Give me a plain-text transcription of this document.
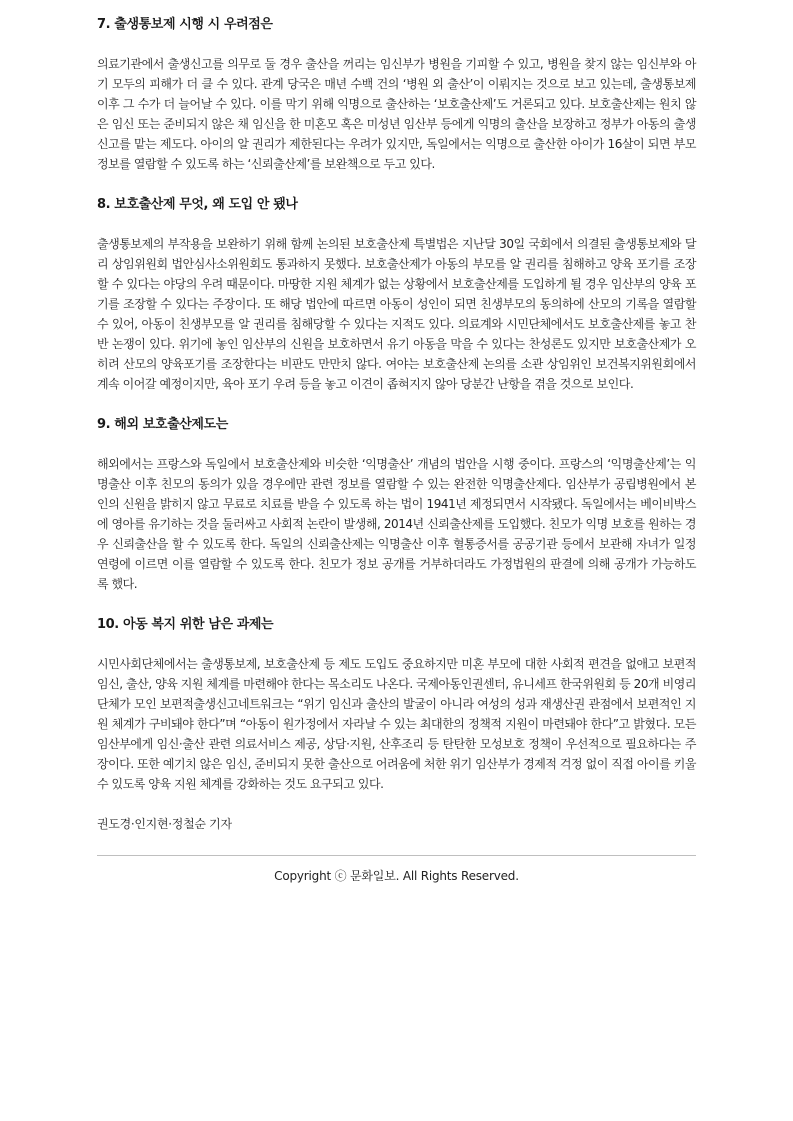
7. 출생통보제 시행 시 우려점은

의료기관에서 출생신고를 의무로 둘 경우 출산을 꺼리는 임신부가 병원을 기피할 수 있고, 병원을 찾지 않는 임신부와 아기 모두의 피해가 더 클 수 있다. 관계 당국은 매년 수백 건의 ‘병원 외 출산’이 이뤄지는 것으로 보고 있는데, 출생통보제 이후 그 수가 더 늘어날 수 있다. 이를 막기 위해 익명으로 출산하는 ‘보호출산제’도 거론되고 있다. 보호출산제는 원치 않은 임신 또는 준비되지 않은 채 임신을 한 미혼모 혹은 미성년 임산부 등에게 익명의 출산을 보장하고 정부가 아동의 출생신고를 맡는 제도다. 아이의 알 권리가 제한된다는 우려가 있지만, 독일에서는 익명으로 출산한 아이가 16살이 되면 부모 정보를 열람할 수 있도록 하는 ‘신뢰출산제’를 보완책으로 두고 있다.

8. 보호출산제 무엇, 왜 도입 안 됐나

출생통보제의 부작용을 보완하기 위해 함께 논의된 보호출산제 특별법은 지난달 30일 국회에서 의결된 출생통보제와 달리 상임위원회 법안심사소위원회도 통과하지 못했다. 보호출산제가 아동의 부모를 알 권리를 침해하고 양육 포기를 조장할 수 있다는 야당의 우려 때문이다. 마땅한 지원 체계가 없는 상황에서 보호출산제를 도입하게 될 경우 임산부의 양육 포기를 조장할 수 있다는 주장이다. 또 해당 법안에 따르면 아동이 성인이 되면 친생부모의 동의하에 산모의 기록을 열람할 수 있어, 아동이 친생부모를 알 권리를 침해당할 수 있다는 지적도 있다. 의료계와 시민단체에서도 보호출산제를 놓고 찬반 논쟁이 있다. 위기에 놓인 임산부의 신원을 보호하면서 유기 아동을 막을 수 있다는 찬성론도 있지만 보호출산제가 오히려 산모의 양육포기를 조장한다는 비판도 만만치 않다. 여야는 보호출산제 논의를 소관 상임위인 보건복지위원회에서 계속 이어갈 예정이지만, 육아 포기 우려 등을 놓고 이견이 좁혀지지 않아 당분간 난항을 겪을 것으로 보인다.

9. 해외 보호출산제도는

해외에서는 프랑스와 독일에서 보호출산제와 비슷한 ‘익명출산’ 개념의 법안을 시행 중이다. 프랑스의 ‘익명출산제’는 익명출산 이후 친모의 동의가 있을 경우에만 관련 정보를 열람할 수 있는 완전한 익명출산제다. 임산부가 공립병원에서 본인의 신원을 밝히지 않고 무료로 치료를 받을 수 있도록 하는 법이 1941년 제정되면서 시작됐다. 독일에서는 베이비박스에 영아를 유기하는 것을 둘러싸고 사회적 논란이 발생해, 2014년 신뢰출산제를 도입했다. 친모가 익명 보호를 원하는 경우 신뢰출산을 할 수 있도록 한다. 독일의 신뢰출산제는 익명출산 이후 혈통증서를 공공기관 등에서 보관해 자녀가 일정 연령에 이르면 이를 열람할 수 있도록 한다. 친모가 정보 공개를 거부하더라도 가정법원의 판결에 의해 공개가 가능하도록 했다.

10. 아동 복지 위한 남은 과제는

시민사회단체에서는 출생통보제, 보호출산제 등 제도 도입도 중요하지만 미혼 부모에 대한 사회적 편견을 없애고 보편적 임신, 출산, 양육 지원 체계를 마련해야 한다는 목소리도 나온다. 국제아동인권센터, 유니세프 한국위원회 등 20개 비영리단체가 모인 보편적출생신고네트워크는 “위기 임신과 출산의 발굴이 아니라 여성의 성과 재생산권 관점에서 보편적인 지원 체계가 구비돼야 한다”며 “아동이 원가정에서 자라날 수 있는 최대한의 정책적 지원이 마련돼야 한다”고 밝혔다. 모든 임산부에게 임신·출산 관련 의료서비스 제공, 상담·지원, 산후조리 등 탄탄한 모성보호 정책이 우선적으로 필요하다는 주장이다. 또한 예기치 않은 임신, 준비되지 못한 출산으로 어려움에 처한 위기 임산부가 경제적 걱정 없이 직접 아이를 키울 수 있도록 양육 지원 체계를 강화하는 것도 요구되고 있다.

권도경·인지현·정철순 기자

Copyright ⓒ 문화일보. All Rights Reserved.
